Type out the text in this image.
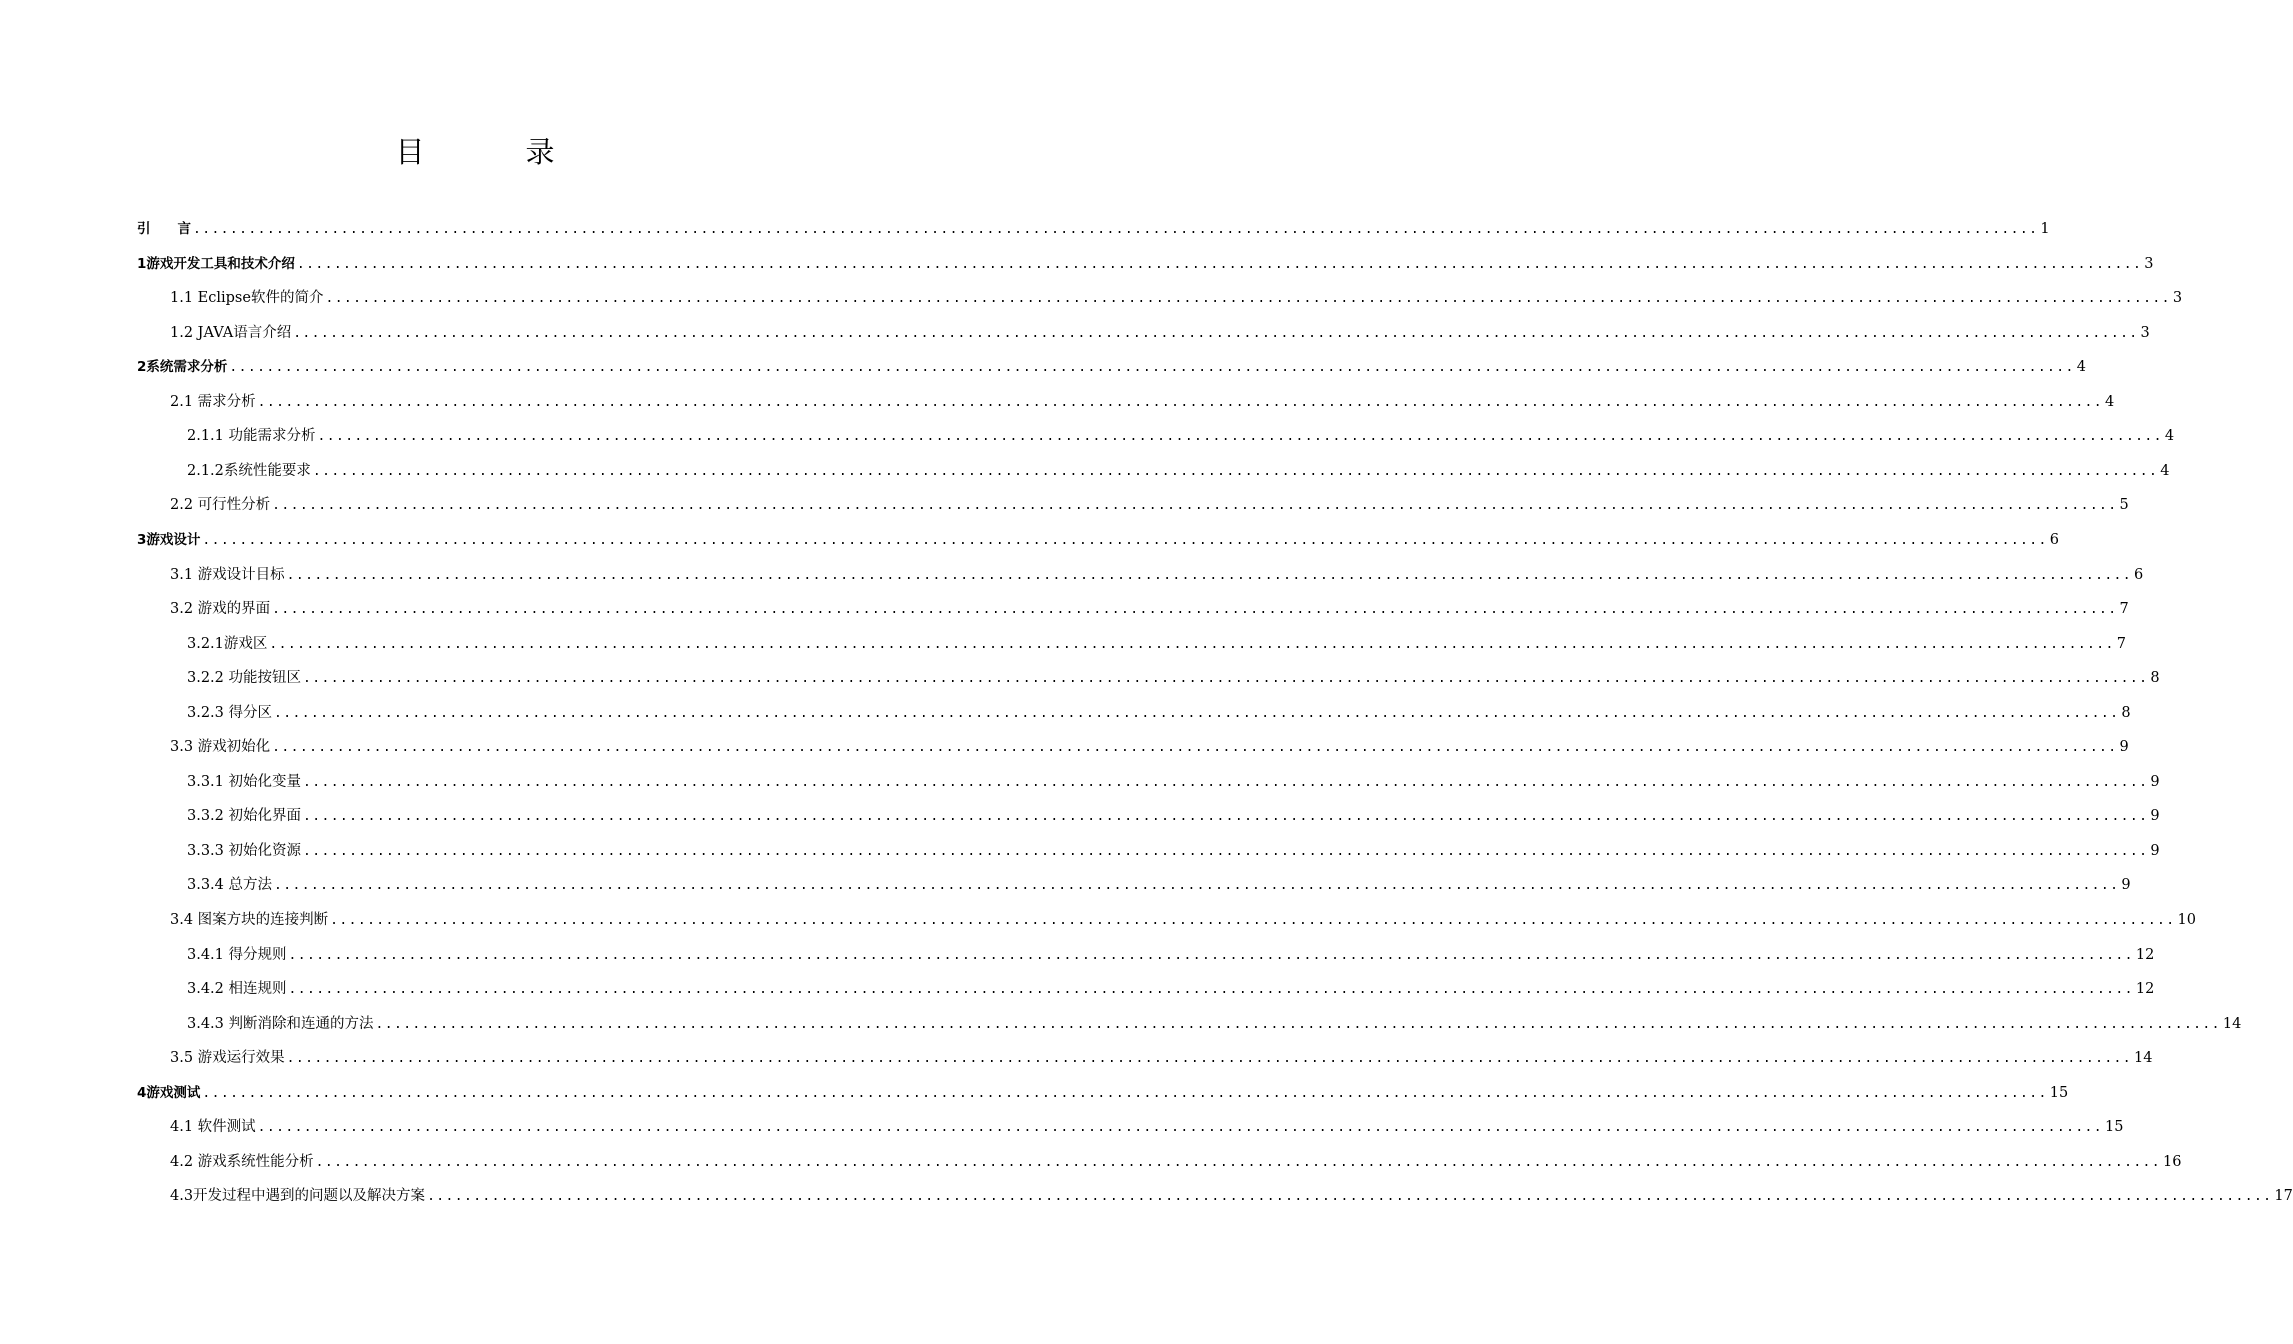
目　录
引　　言 ........................................................................................................................................................................................................ 1
1游戏开发工具和技术介绍 ........................................................................................................................................................................................................ 3
1.1 Eclipse软件的简介 ........................................................................................................................................................................................................ 3
1.2 JAVA语言介绍 ........................................................................................................................................................................................................ 3
2系统需求分析 ........................................................................................................................................................................................................ 4
2.1 需求分析 ........................................................................................................................................................................................................ 4
2.1.1 功能需求分析 ........................................................................................................................................................................................................ 4
2.1.2系统性能要求 ........................................................................................................................................................................................................ 4
2.2 可行性分析 ........................................................................................................................................................................................................ 5
3游戏设计 ........................................................................................................................................................................................................ 6
3.1 游戏设计目标 ........................................................................................................................................................................................................ 6
3.2 游戏的界面 ........................................................................................................................................................................................................ 7
3.2.1游戏区 ........................................................................................................................................................................................................ 7
3.2.2 功能按钮区 ........................................................................................................................................................................................................ 8
3.2.3 得分区 ........................................................................................................................................................................................................ 8
3.3 游戏初始化 ........................................................................................................................................................................................................ 9
3.3.1 初始化变量 ........................................................................................................................................................................................................ 9
3.3.2 初始化界面 ........................................................................................................................................................................................................ 9
3.3.3 初始化资源 ........................................................................................................................................................................................................ 9
3.3.4 总方法 ........................................................................................................................................................................................................ 9
3.4 图案方块的连接判断 ........................................................................................................................................................................................................ 10
3.4.1 得分规则 ........................................................................................................................................................................................................ 12
3.4.2 相连规则 ........................................................................................................................................................................................................ 12
3.4.3 判断消除和连通的方法 ........................................................................................................................................................................................................ 14
3.5 游戏运行效果 ........................................................................................................................................................................................................ 14
4游戏测试 ........................................................................................................................................................................................................ 15
4.1 软件测试 ........................................................................................................................................................................................................ 15
4.2 游戏系统性能分析 ........................................................................................................................................................................................................ 16
4.3开发过程中遇到的问题以及解决方案 ........................................................................................................................................................................................................ 17
